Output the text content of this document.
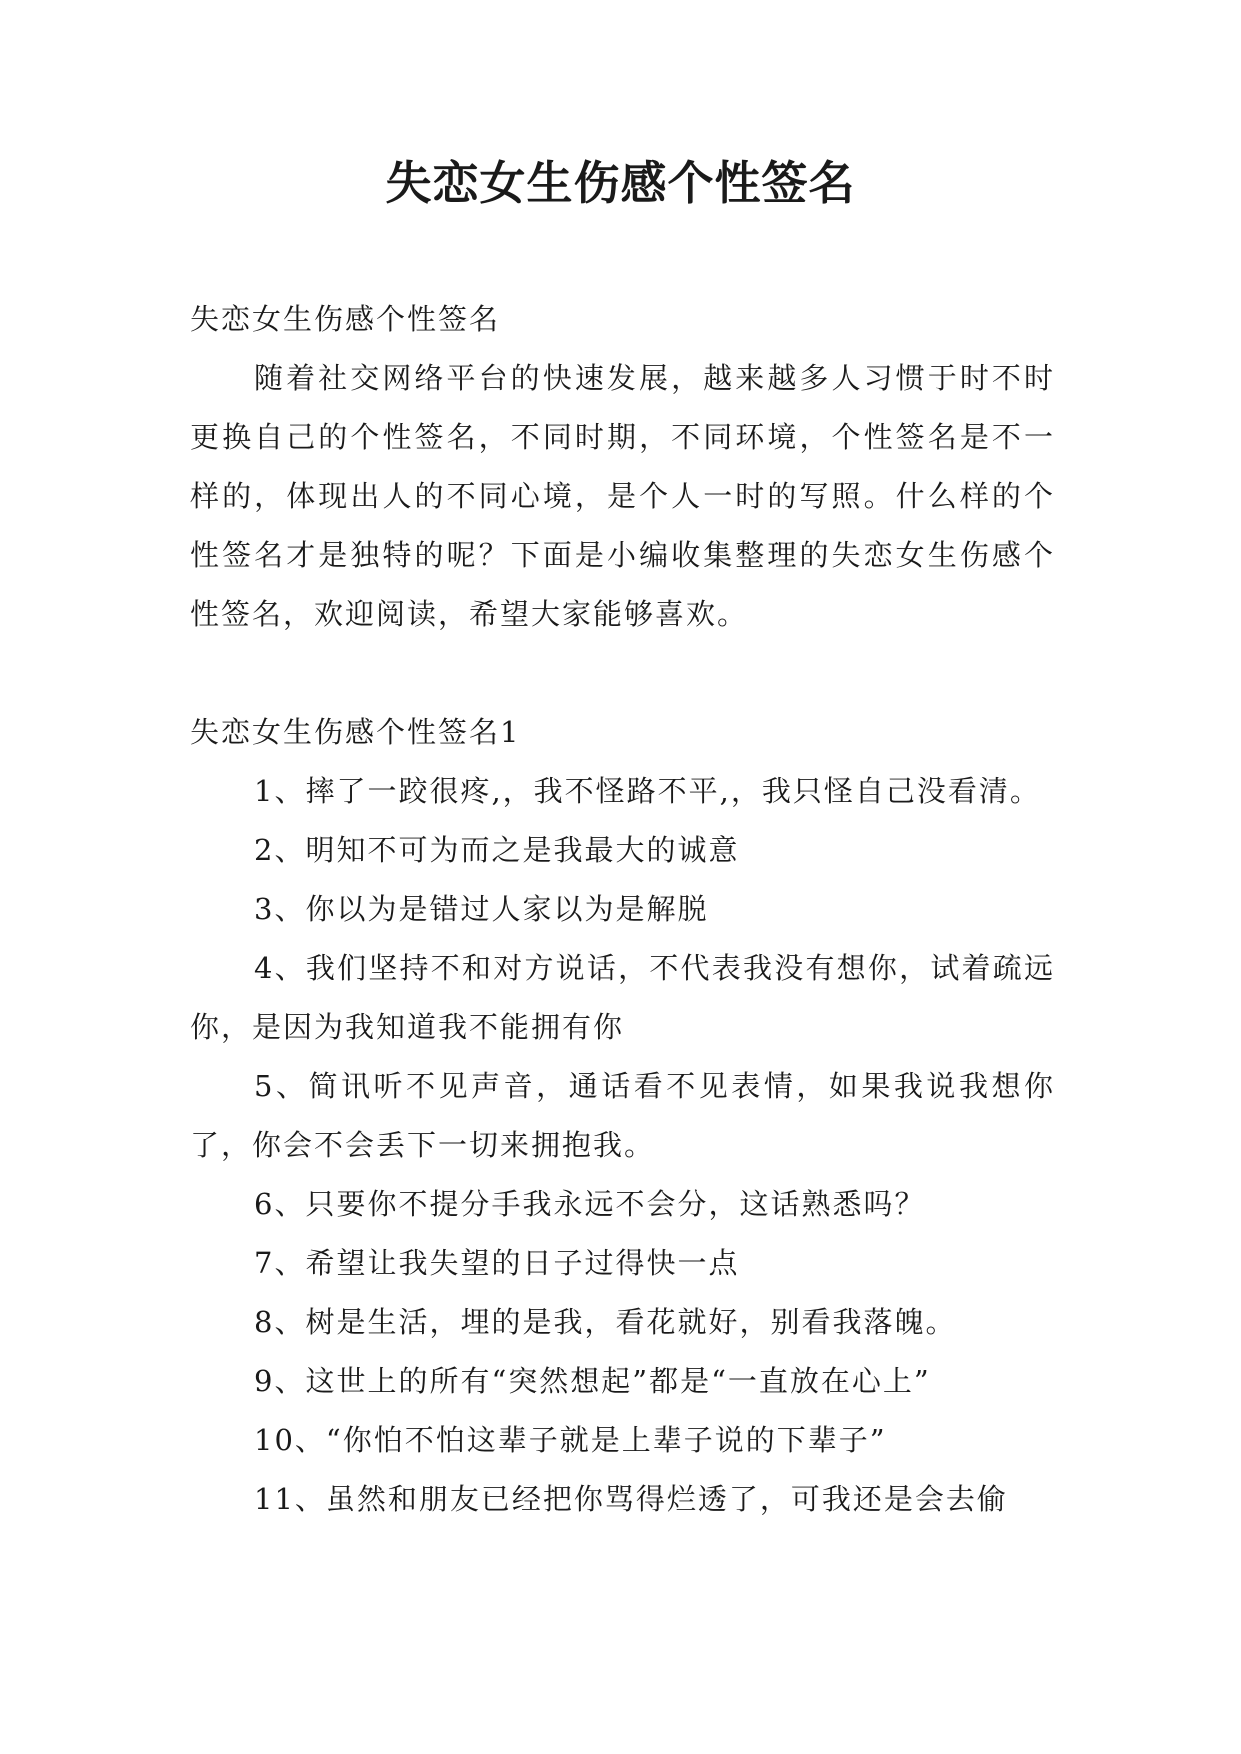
失恋女生伤感个性签名

失恋女生伤感个性签名

随着社交网络平台的快速发展，越来越多人习惯于时不时更换自己的个性签名，不同时期，不同环境，个性签名是不一样的，体现出人的不同心境，是个人一时的写照。什么样的个性签名才是独特的呢？下面是小编收集整理的失恋女生伤感个性签名，欢迎阅读，希望大家能够喜欢。

失恋女生伤感个性签名1

1、摔了一跤很疼,，我不怪路不平,，我只怪自己没看清。

2、明知不可为而之是我最大的诚意

3、你以为是错过人家以为是解脱

4、我们坚持不和对方说话，不代表我没有想你，试着疏远你，是因为我知道我不能拥有你

5、简讯听不见声音，通话看不见表情，如果我说我想你了，你会不会丢下一切来拥抱我。

6、只要你不提分手我永远不会分，这话熟悉吗？

7、希望让我失望的日子过得快一点

8、树是生活，埋的是我，看花就好，别看我落魄。

9、这世上的所有“突然想起”都是“一直放在心上”

10、“你怕不怕这辈子就是上辈子说的下辈子”

11、虽然和朋友已经把你骂得烂透了，可我还是会去偷
